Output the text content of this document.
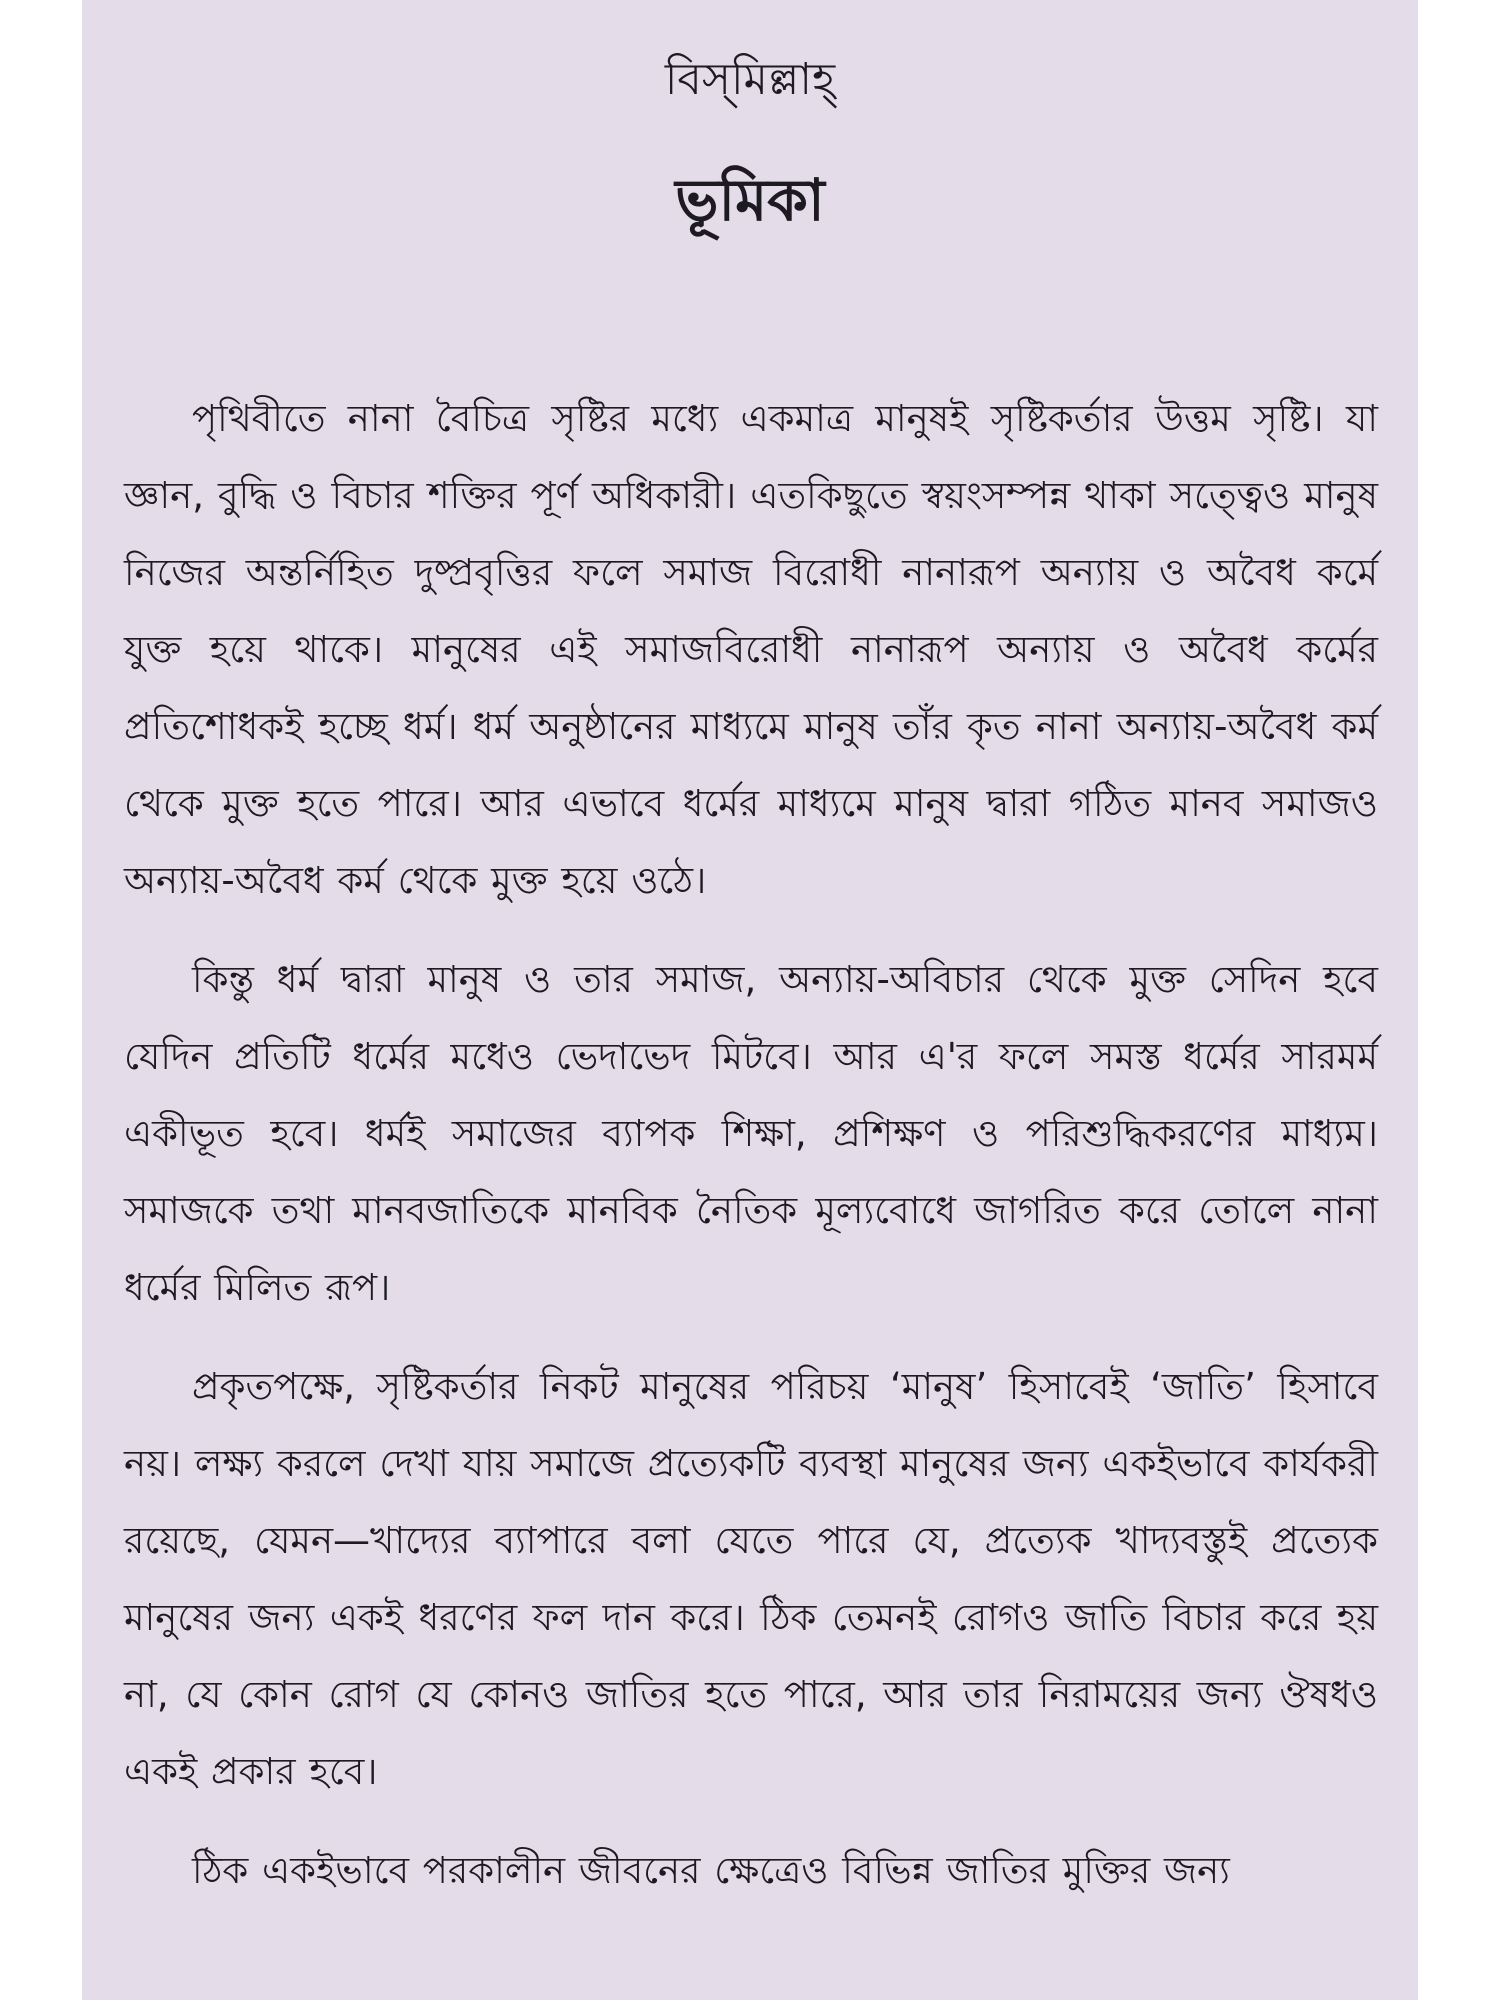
বিস্‌মিল্লাহ্‌
ভূমিকা

পৃথিবীতে নানা বৈচিত্র সৃষ্টির মধ্যে একমাত্র মানুষই সৃষ্টিকর্তার উত্তম সৃষ্টি। যা জ্ঞান, বুদ্ধি ও বিচার শক্তির পূর্ণ অধিকারী। এতকিছুতে স্বয়ংসম্পন্ন থাকা সত্ত্বেও মানুষ নিজের অন্তর্নিহিত দুষ্প্রবৃত্তির ফলে সমাজ বিরোধী নানারূপ অন্যায় ও অবৈধ কর্মে যুক্ত হয়ে থাকে। মানুষের এই সমাজবিরোধী নানারূপ অন্যায় ও অবৈধ কর্মের প্রতিশোধকই হচ্ছে ধর্ম। ধর্ম অনুষ্ঠানের মাধ্যমে মানুষ তাঁর কৃত নানা অন্যায়-অবৈধ কর্ম থেকে মুক্ত হতে পারে। আর এভাবে ধর্মের মাধ্যমে মানুষ দ্বারা গঠিত মানব সমাজও অন্যায়-অবৈধ কর্ম থেকে মুক্ত হয়ে ওঠে।

কিন্তু ধর্ম দ্বারা মানুষ ও তার সমাজ, অন্যায়-অবিচার থেকে মুক্ত সেদিন হবে যেদিন প্রতিটি ধর্মের মধেও ভেদাভেদ মিটবে। আর এ'র ফলে সমস্ত ধর্মের সারমর্ম একীভূত হবে। ধর্মই সমাজের ব্যাপক শিক্ষা, প্রশিক্ষণ ও পরিশুদ্ধিকরণের মাধ্যম। সমাজকে তথা মানবজাতিকে মানবিক নৈতিক মূল্যবোধে জাগরিত করে তোলে নানা ধর্মের মিলিত রূপ।

প্রকৃতপক্ষে, সৃষ্টিকর্তার নিকট মানুষের পরিচয় ‘মানুষ’ হিসাবেই ‘জাতি’ হিসাবে নয়। লক্ষ্য করলে দেখা যায় সমাজে প্রত্যেকটি ব্যবস্থা মানুষের জন্য একইভাবে কার্যকরী রয়েছে, যেমন—খাদ্যের ব্যাপারে বলা যেতে পারে যে, প্রত্যেক খাদ্যবস্তুই প্রত্যেক মানুষের জন্য একই ধরণের ফল দান করে। ঠিক তেমনই রোগও জাতি বিচার করে হয় না, যে কোন রোগ যে কোনও জাতির হতে পারে, আর তার নিরাময়ের জন্য ঔষধও একই প্রকার হবে।

ঠিক একইভাবে পরকালীন জীবনের ক্ষেত্রেও বিভিন্ন জাতির মুক্তির জন্য
